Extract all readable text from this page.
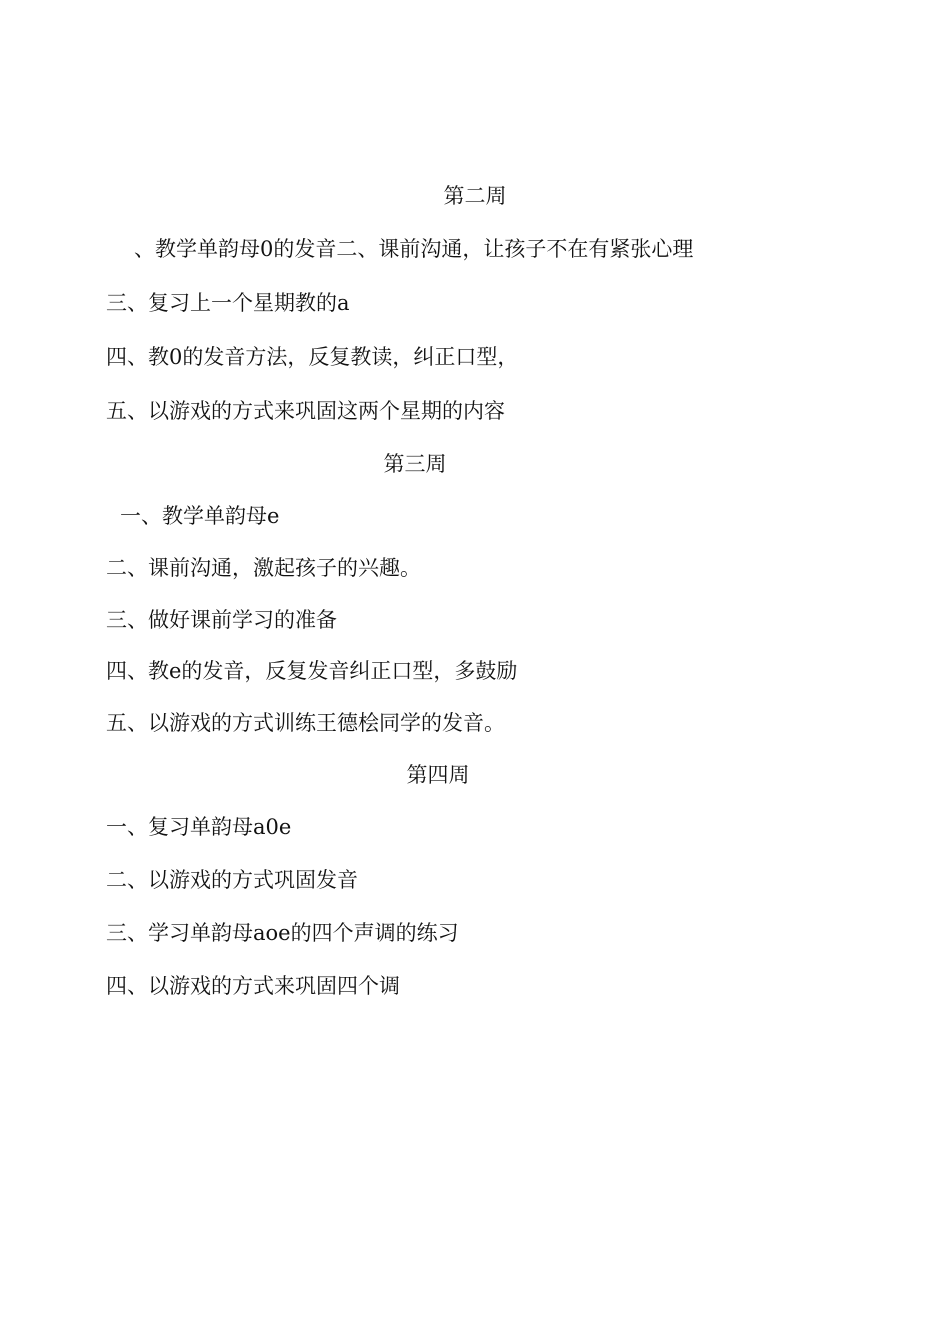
第二周

、教学单韵母0的发音二、课前沟通，让孩子不在有紧张心理

三、复习上一个星期教的a

四、教0的发音方法，反复教读，纠正口型，

五、以游戏的方式来巩固这两个星期的内容

第三周

一、教学单韵母e

二、课前沟通，激起孩子的兴趣。

三、做好课前学习的准备

四、教e的发音，反复发音纠正口型，多鼓励

五、以游戏的方式训练王德桧同学的发音。

第四周

一、复习单韵母a0e

二、以游戏的方式巩固发音

三、学习单韵母aoe的四个声调的练习

四、以游戏的方式来巩固四个调
